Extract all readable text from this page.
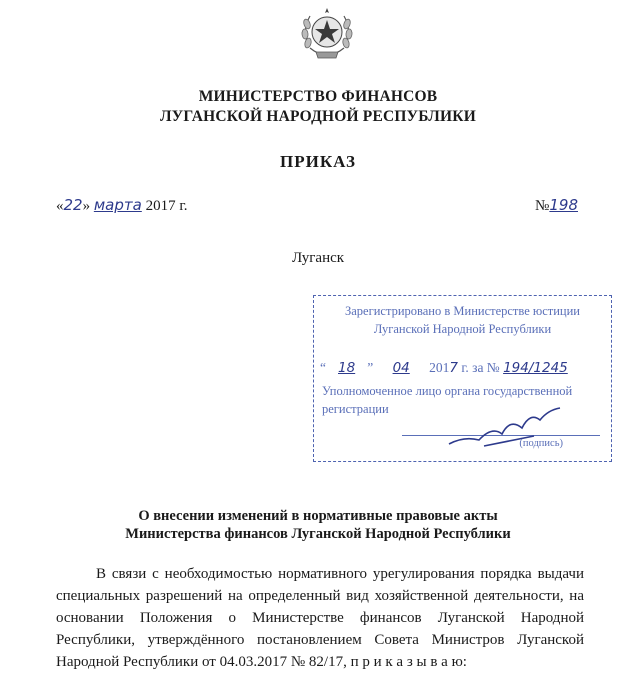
МИНИСТЕРСТВО ФИНАНСОВ
ЛУГАНСКОЙ НАРОДНОЙ РЕСПУБЛИКИ
ПРИКАЗ
«22» марта 2017 г.	№198
Луганск
Зарегистрировано в Министерстве юстиции
Луганской Народной Республики
“ 18 ” 04 2017 г. за № 194/1245
Уполномоченное лицо органа государственной
регистрации
(подпись)
О внесении изменений в нормативные правовые акты
Министерства финансов Луганской Народной Республики

В связи с необходимостью нормативного урегулирования порядка выдачи специальных разрешений на определенный вид хозяйственной деятельности, на основании Положения о Министерстве финансов Луганской Народной Республики, утверждённого постановлением Совета Министров Луганской Народной Республики от 04.03.2017 № 82/17, п р и к а з ы в а ю:
